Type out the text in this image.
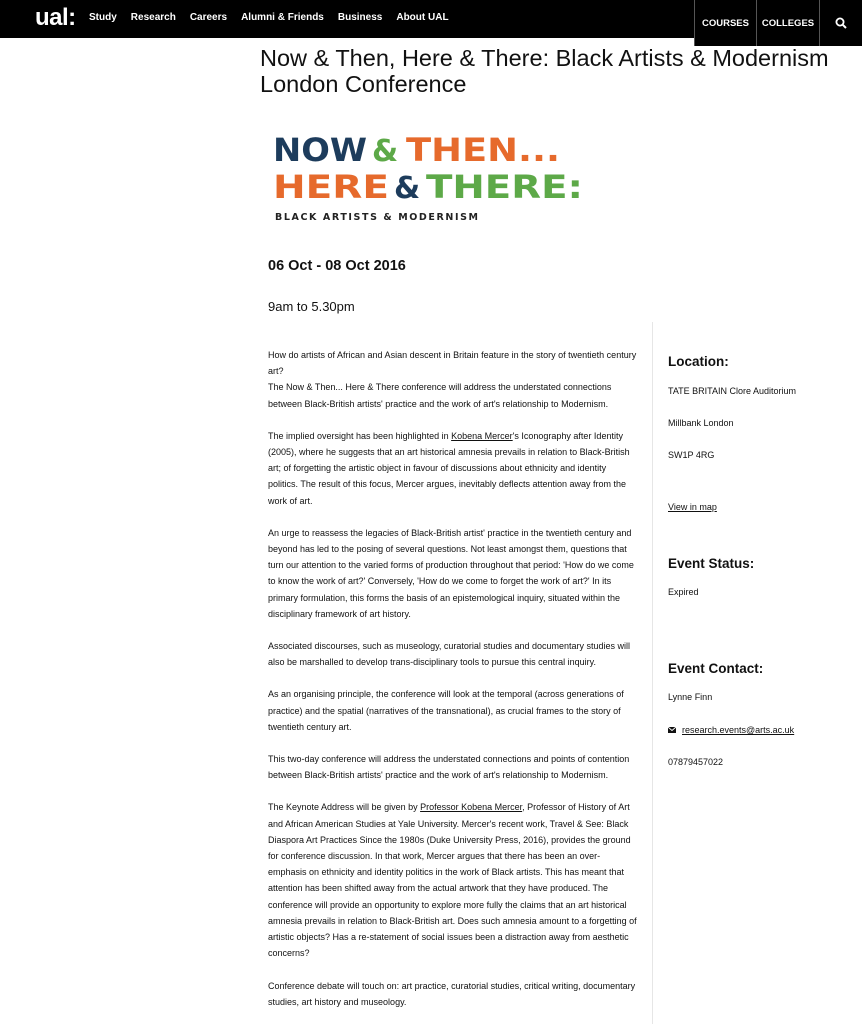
ual: Study Research Careers Alumni & Friends Business About UAL	COURSES	COLLEGES
Now & Then, Here & There: Black Artists & Modernism London Conference
NOW & THEN...
HERE & THERE:
BLACK ARTISTS & MODERNISM
06 Oct - 08 Oct 2016
9am to 5.30pm

How do artists of African and Asian descent in Britain feature in the story of twentieth century art?

The Now & Then... Here & There conference will address the understated connections between Black-British artists' practice and the work of art's relationship to Modernism.

The implied oversight has been highlighted in Kobena Mercer's Iconography after Identity (2005), where he suggests that an art historical amnesia prevails in relation to Black-British art; of forgetting the artistic object in favour of discussions about ethnicity and identity politics. The result of this focus, Mercer argues, inevitably deflects attention away from the work of art.

An urge to reassess the legacies of Black-British artist' practice in the twentieth century and beyond has led to the posing of several questions. Not least amongst them, questions that turn our attention to the varied forms of production throughout that period: 'How do we come to know the work of art?' Conversely, 'How do we come to forget the work of art?' In its primary formulation, this forms the basis of an epistemological inquiry, situated within the disciplinary framework of art history.

Associated discourses, such as museology, curatorial studies and documentary studies will also be marshalled to develop trans-disciplinary tools to pursue this central inquiry.

As an organising principle, the conference will look at the temporal (across generations of practice) and the spatial (narratives of the transnational), as crucial frames to the story of twentieth century art.

This two-day conference will address the understated connections and points of contention between Black-British artists' practice and the work of art's relationship to Modernism.

The Keynote Address will be given by Professor Kobena Mercer, Professor of History of Art and African American Studies at Yale University. Mercer's recent work, Travel & See: Black Diaspora Art Practices Since the 1980s (Duke University Press, 2016), provides the ground for conference discussion. In that work, Mercer argues that there has been an over-emphasis on ethnicity and identity politics in the work of Black artists. This has meant that attention has been shifted away from the actual artwork that they have produced. The conference will provide an opportunity to explore more fully the claims that an art historical amnesia prevails in relation to Black-British art. Does such amnesia amount to a forgetting of artistic objects? Has a re-statement of social issues been a distraction away from aesthetic concerns?

Conference debate will touch on: art practice, curatorial studies, critical writing, documentary studies, art history and museology.

Location:
TATE BRITAIN Clore Auditorium
Millbank London
SW1P 4RG
View in map
Event Status:
Expired
Event Contact:
Lynne Finn
research.events@arts.ac.uk
07879457022
